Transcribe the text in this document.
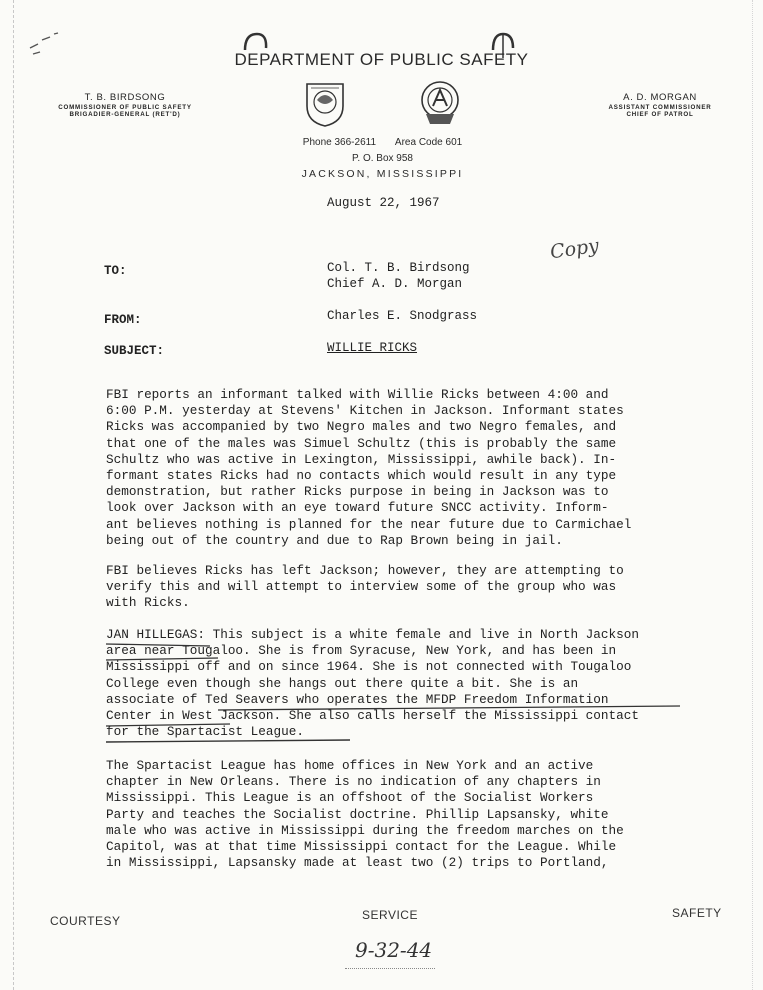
DEPARTMENT OF PUBLIC SAFETY
T. B. BIRDSONG
COMMISSIONER OF PUBLIC SAFETY
BRIGADIER-GENERAL (RET'D)
A. D. MORGAN
ASSISTANT COMMISSIONER
CHIEF OF PATROL
Phone 366-2611 Area Code 601
P. O. Box 958
JACKSON, MISSISSIPPI
August 22, 1967
Copy
TO:	Col. T. B. Birdsong
Chief A. D. Morgan
FROM:	Charles E. Snodgrass
SUBJECT:	WILLIE RICKS
FBI reports an informant talked with Willie Ricks between 4:00 and
6:00 P.M. yesterday at Stevens' Kitchen in Jackson. Informant states
Ricks was accompanied by two Negro males and two Negro females, and
that one of the males was Simuel Schultz (this is probably the same
Schultz who was active in Lexington, Mississippi, awhile back). In-
formant states Ricks had no contacts which would result in any type
demonstration, but rather Ricks purpose in being in Jackson was to
look over Jackson with an eye toward future SNCC activity. Inform-
ant believes nothing is planned for the near future due to Carmichael
being out of the country and due to Rap Brown being in jail.
FBI believes Ricks has left Jackson; however, they are attempting to
verify this and will attempt to interview some of the group who was
with Ricks.
JAN HILLEGAS: This subject is a white female and live in North Jackson
area near Tougaloo. She is from Syracuse, New York, and has been in
Mississippi off and on since 1964. She is not connected with Tougaloo
College even though she hangs out there quite a bit. She is an
associate of Ted Seavers who operates the MFDP Freedom Information
Center in West Jackson. She also calls herself the Mississippi contact
for the Spartacist League.
The Spartacist League has home offices in New York and an active
chapter in New Orleans. There is no indication of any chapters in
Mississippi. This League is an offshoot of the Socialist Workers
Party and teaches the Socialist doctrine. Phillip Lapsansky, white
male who was active in Mississippi during the freedom marches on the
Capitol, was at that time Mississippi contact for the League. While
in Mississippi, Lapsansky made at least two (2) trips to Portland,
COURTESY	SERVICE	SAFETY
9-32-44
